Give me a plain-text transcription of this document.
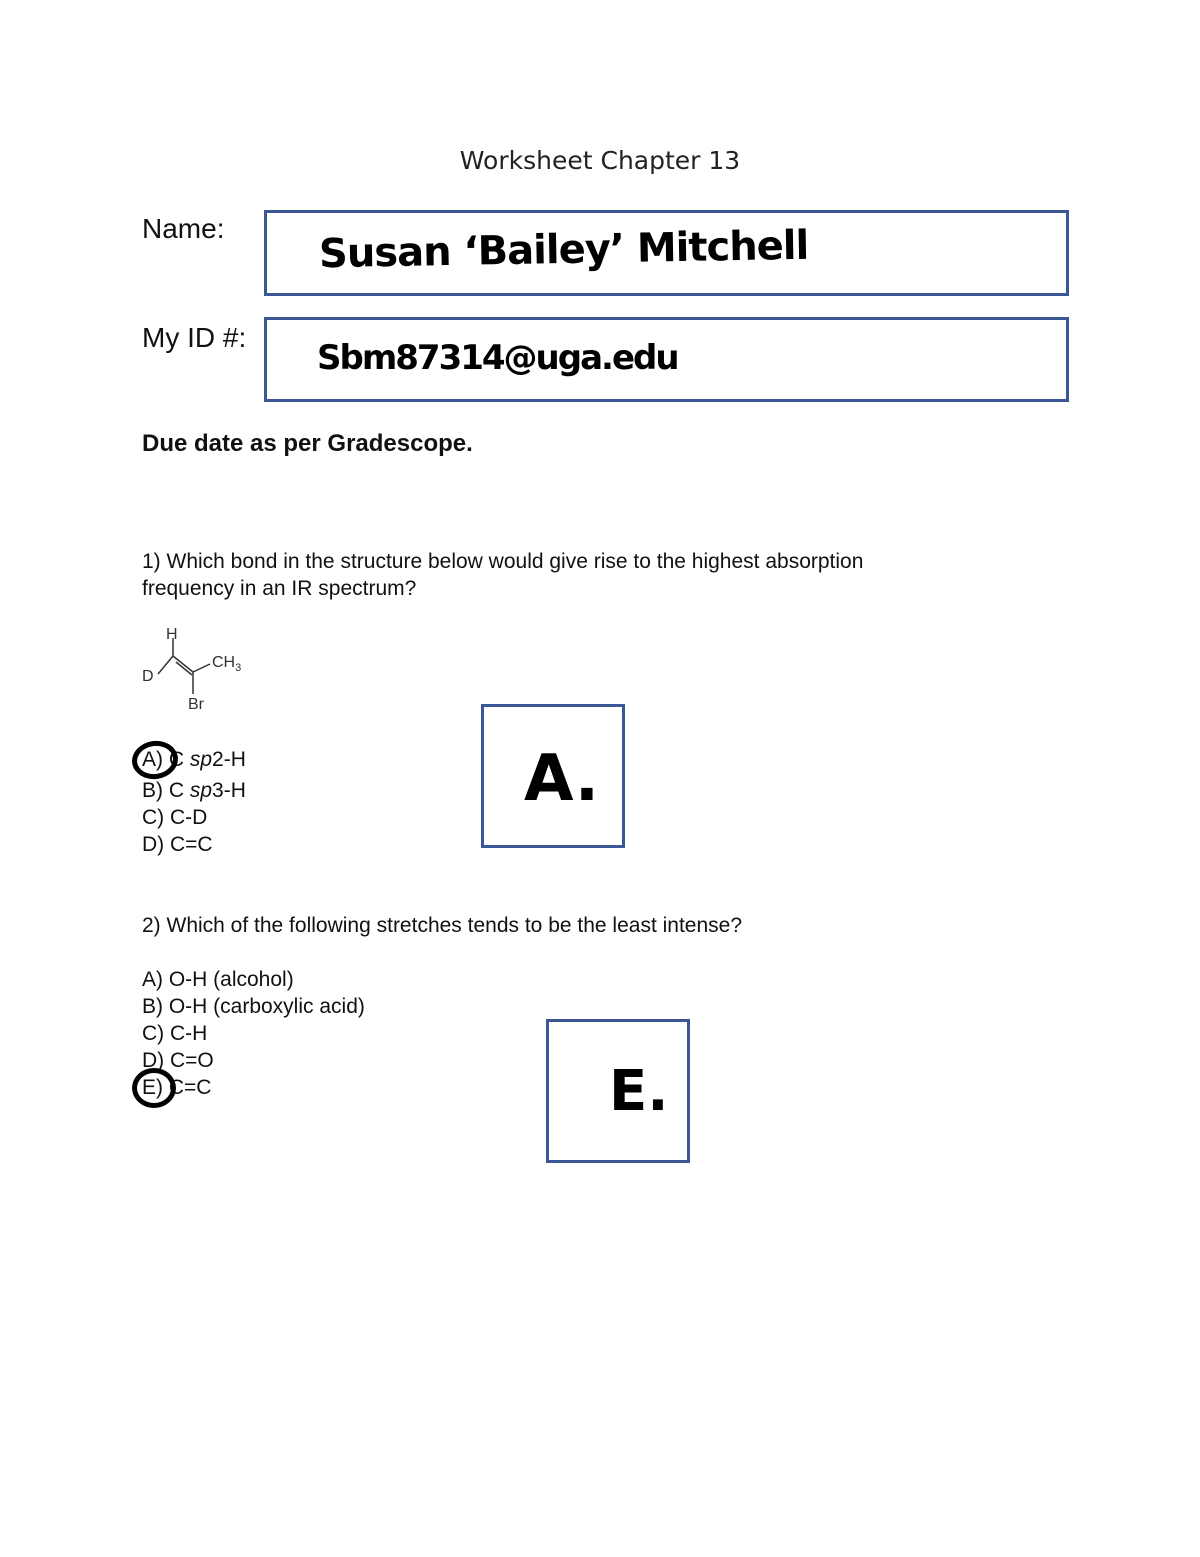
Worksheet Chapter 13
Name: Susan ‘Bailey’ Mitchell
My ID #:
Sbm87314@uga.edu
Due date as per Gradescope.
1) Which bond in the structure below would give rise to the highest absorption
frequency in an IR spectrum?
H
D
$CH_3$
Br
A) C sp2-H
B) C sp3-H
C) C-D
D) C=C
A.
2) Which of the following stretches tends to be the least intense?
A) O-H (alcohol)
B) O-H (carboxylic acid)
C) C-H
D) C=O
E) C=C	E.
